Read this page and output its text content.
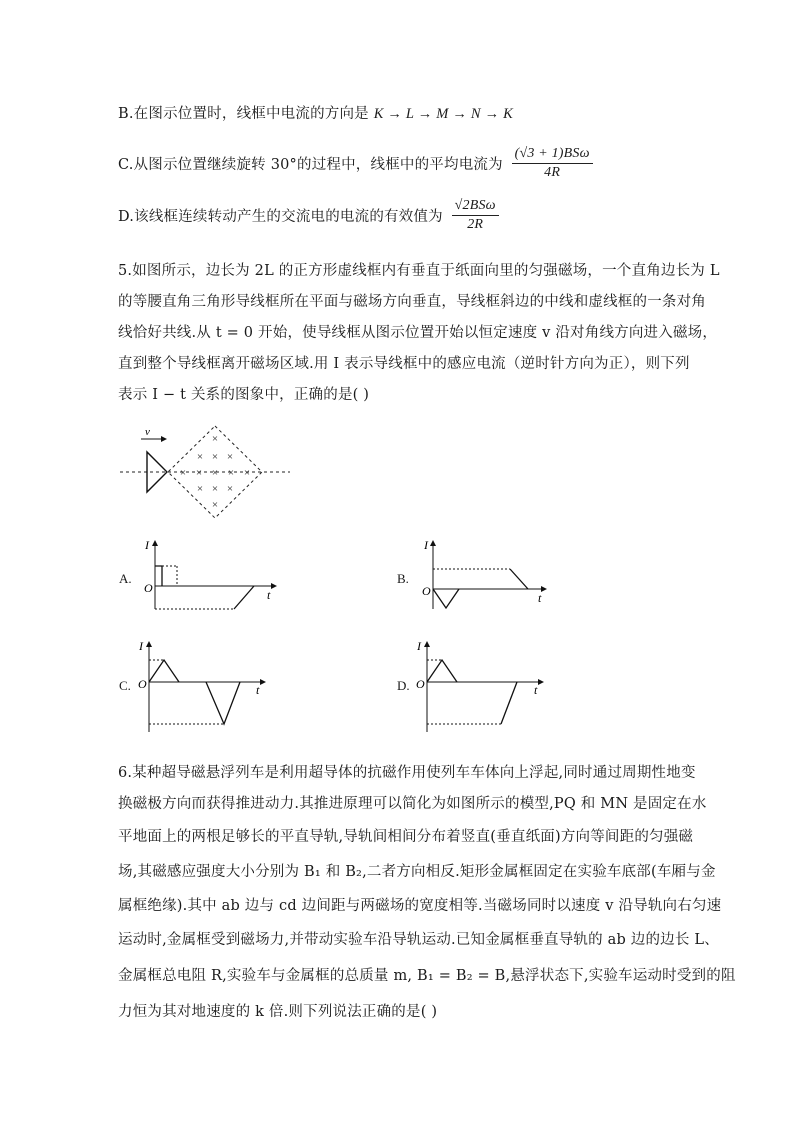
B.在图示位置时，线框中电流的方向是 K → L → M → N → K
C.从图示位置继续旋转 30°的过程中，线框中的平均电流为 $\frac{\text{(√3 + 1)BSω}}{4R}$
D.该线框连续转动产生的交流电的电流的有效值为 $\frac{\text{√2BSω}}{2R}$
5.如图所示，边长为 2L 的正方形虚线框内有垂直于纸面向里的匀强磁场，一个直角边长为 L
的等腰直角三角形导线框所在平面与磁场方向垂直，导线框斜边的中线和虚线框的一条对角
线恰好共线.从 t = 0 开始，使导线框从图示位置开始以恒定速度 v 沿对角线方向进入磁场，
直到整个导线框离开磁场区域.用 I 表示导线框中的感应电流（逆时针方向为正），则下列
表示 I − t 关系的图象中，正确的是( )
v
×
× × ×
× × × × ×
× × ×
×
A.
I
t
O
B.
I
t
O
C.
I
t
O	D.
I
t
O
6.某种超导磁悬浮列车是利用超导体的抗磁作用使列车车体向上浮起,同时通过周期性地变
换磁极方向而获得推进动力.其推进原理可以简化为如图所示的模型,PQ 和 MN 是固定在水
平地面上的两根足够长的平直导轨,导轨间相间分布着竖直(垂直纸面)方向等间距的匀强磁
场,其磁感应强度大小分别为 B₁ 和 B₂,二者方向相反.矩形金属框固定在实验车底部(车厢与金
属框绝缘).其中 ab 边与 cd 边间距与两磁场的宽度相等.当磁场同时以速度 v 沿导轨向右匀速
运动时,金属框受到磁场力,并带动实验车沿导轨运动.已知金属框垂直导轨的 ab 边的边长 L、
金属框总电阻 R,实验车与金属框的总质量 m, B₁ = B₂ = B,悬浮状态下,实验车运动时受到的阻
力恒为其对地速度的 k 倍.则下列说法正确的是( )
